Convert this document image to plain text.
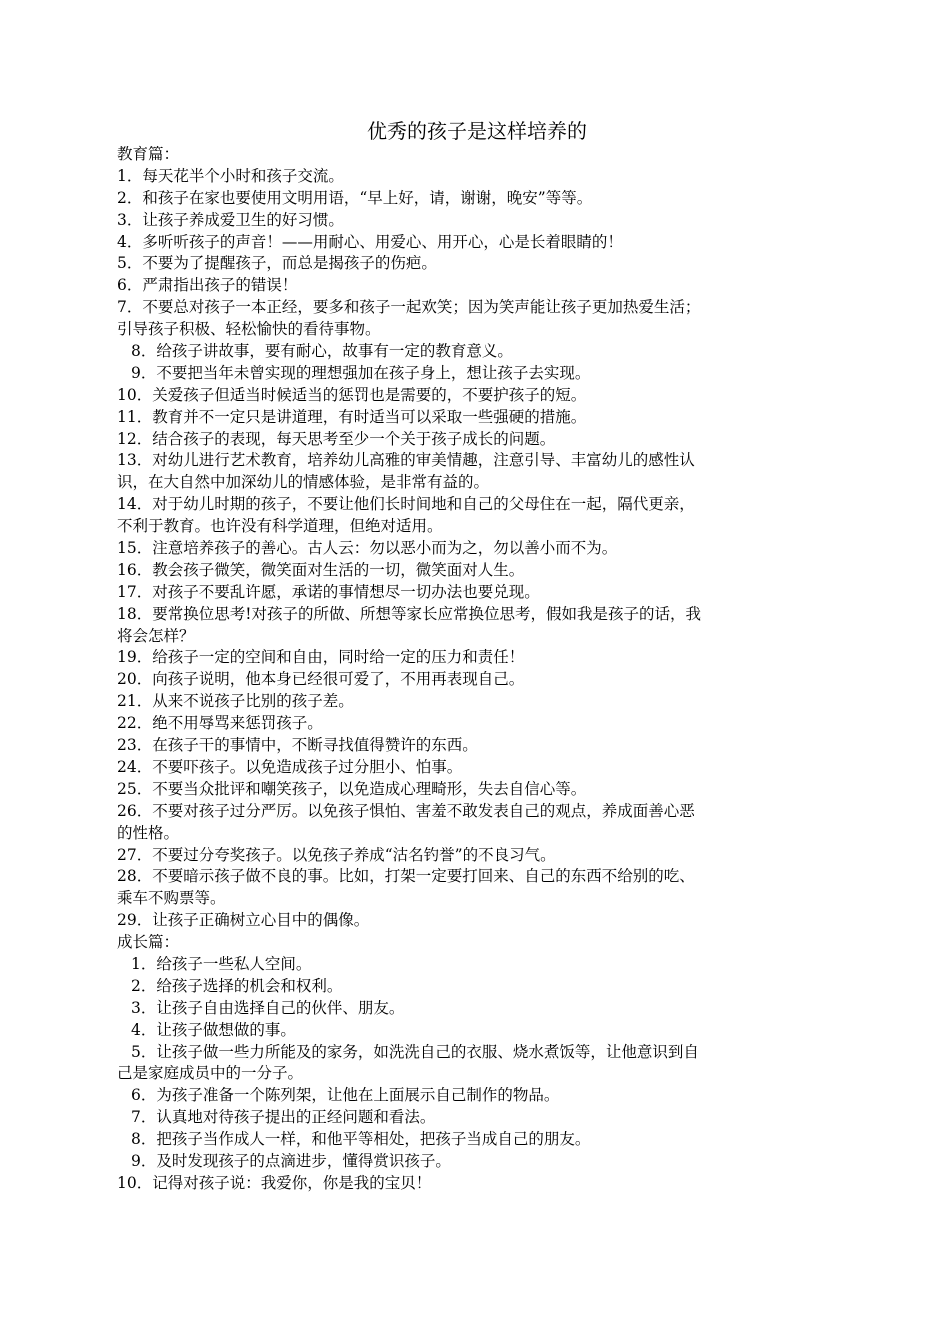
优秀的孩子是这样培养的
教育篇：
1．每天花半个小时和孩子交流。
2．和孩子在家也要使用文明用语，“早上好，请，谢谢，晚安”等等。
3．让孩子养成爱卫生的好习惯。
4．多听听孩子的声音！——用耐心、用爱心、用开心，心是长着眼睛的！
5．不要为了提醒孩子，而总是揭孩子的伤疤。
6．严肃指出孩子的错误！
7．不要总对孩子一本正经，要多和孩子一起欢笑；因为笑声能让孩子更加热爱生活；
引导孩子积极、轻松愉快的看待事物。
8．给孩子讲故事，要有耐心，故事有一定的教育意义。
9．不要把当年未曾实现的理想强加在孩子身上，想让孩子去实现。
10．关爱孩子但适当时候适当的惩罚也是需要的，不要护孩子的短。
11．教育并不一定只是讲道理，有时适当可以采取一些强硬的措施。
12．结合孩子的表现，每天思考至少一个关于孩子成长的问题。
13．对幼儿进行艺术教育，培养幼儿高雅的审美情趣，注意引导、丰富幼儿的感性认
识，在大自然中加深幼儿的情感体验，是非常有益的。
14．对于幼儿时期的孩子，不要让他们长时间地和自己的父母住在一起，隔代更亲，
不利于教育。也许没有科学道理，但绝对适用。
15．注意培养孩子的善心。古人云：勿以恶小而为之，勿以善小而不为。
16．教会孩子微笑，微笑面对生活的一切，微笑面对人生。
17．对孩子不要乱许愿，承诺的事情想尽一切办法也要兑现。
18．要常换位思考!对孩子的所做、所想等家长应常换位思考，假如我是孩子的话，我
将会怎样？
19．给孩子一定的空间和自由，同时给一定的压力和责任！
20．向孩子说明，他本身已经很可爱了，不用再表现自己。
21．从来不说孩子比别的孩子差。
22．绝不用辱骂来惩罚孩子。
23．在孩子干的事情中，不断寻找值得赞许的东西。
24．不要吓孩子。以免造成孩子过分胆小、怕事。
25．不要当众批评和嘲笑孩子，以免造成心理畸形，失去自信心等。
26．不要对孩子过分严厉。以免孩子惧怕、害羞不敢发表自己的观点，养成面善心恶
的性格。
27．不要过分夸奖孩子。以免孩子养成“沽名钓誉”的不良习气。
28．不要暗示孩子做不良的事。比如，打架一定要打回来、自己的东西不给别的吃、
乘车不购票等。
29．让孩子正确树立心目中的偶像。
成长篇：
1．给孩子一些私人空间。
2．给孩子选择的机会和权利。
3．让孩子自由选择自己的伙伴、朋友。
4．让孩子做想做的事。
5．让孩子做一些力所能及的家务，如洗洗自己的衣服、烧水煮饭等，让他意识到自
己是家庭成员中的一分子。
6．为孩子准备一个陈列架，让他在上面展示自己制作的物品。
7．认真地对待孩子提出的正经问题和看法。
8．把孩子当作成人一样，和他平等相处，把孩子当成自己的朋友。
9．及时发现孩子的点滴进步，懂得赏识孩子。
10．记得对孩子说：我爱你，你是我的宝贝！
